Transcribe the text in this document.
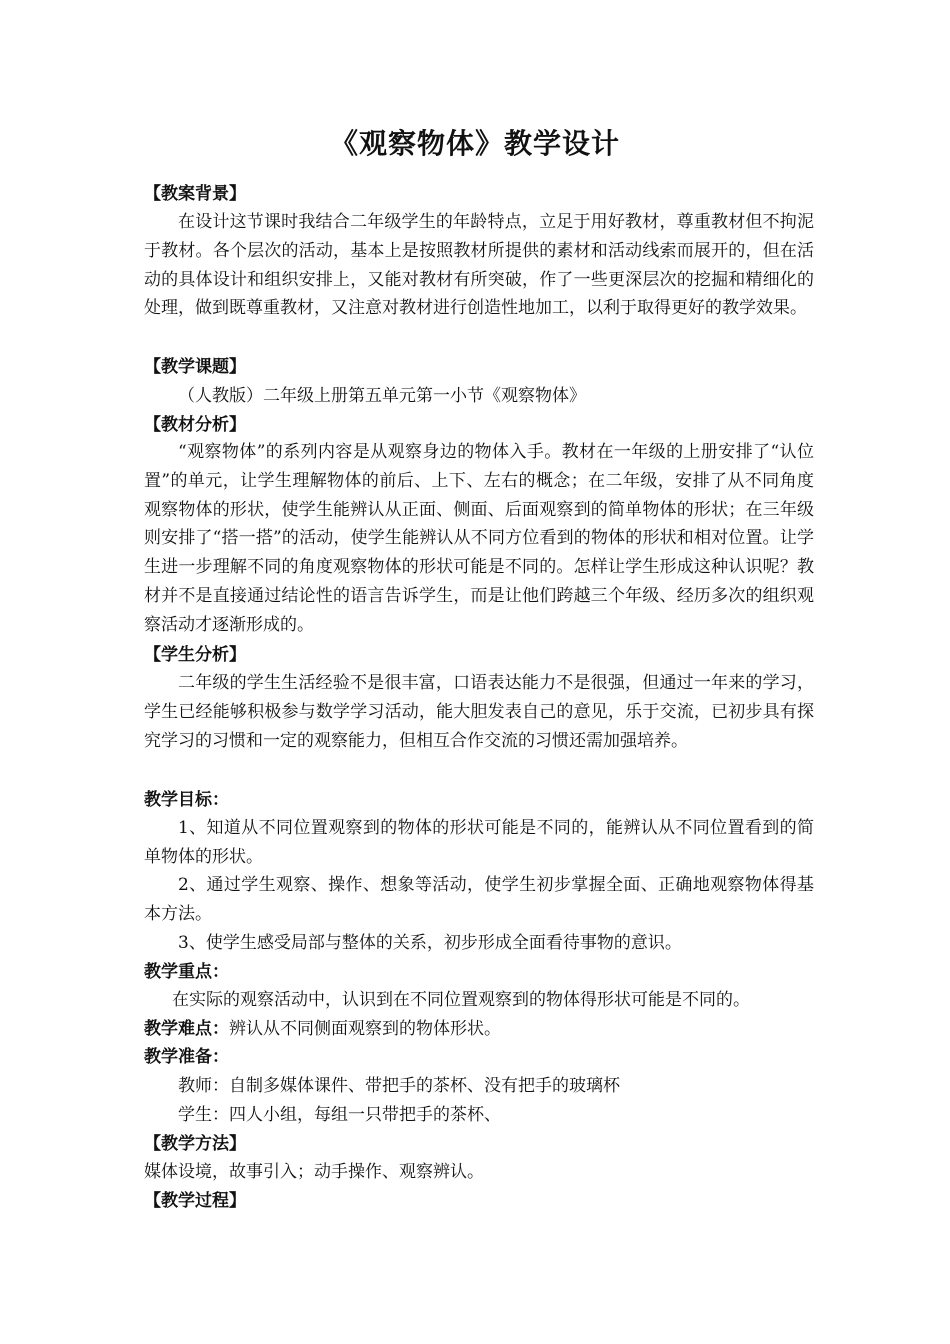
《观察物体》教学设计
【教案背景】
在设计这节课时我结合二年级学生的年龄特点，立足于用好教材，尊重教材但不拘泥于教材。各个层次的活动，基本上是按照教材所提供的素材和活动线索而展开的，但在活动的具体设计和组织安排上，又能对教材有所突破，作了一些更深层次的挖掘和精细化的处理，做到既尊重教材，又注意对教材进行创造性地加工，以利于取得更好的教学效果。
【教学课题】
（人教版）二年级上册第五单元第一小节《观察物体》
【教材分析】
“观察物体”的系列内容是从观察身边的物体入手。教材在一年级的上册安排了“认位置”的单元，让学生理解物体的前后、上下、左右的概念；在二年级，安排了从不同角度观察物体的形状，使学生能辨认从正面、侧面、后面观察到的简单物体的形状；在三年级则安排了“搭一搭”的活动，使学生能辨认从不同方位看到的物体的形状和相对位置。让学生进一步理解不同的角度观察物体的形状可能是不同的。怎样让学生形成这种认识呢？教材并不是直接通过结论性的语言告诉学生，而是让他们跨越三个年级、经历多次的组织观察活动才逐渐形成的。
【学生分析】
二年级的学生生活经验不是很丰富，口语表达能力不是很强，但通过一年来的学习，学生已经能够积极参与数学学习活动，能大胆发表自己的意见，乐于交流，已初步具有探究学习的习惯和一定的观察能力，但相互合作交流的习惯还需加强培养。
教学目标：
1、知道从不同位置观察到的物体的形状可能是不同的，能辨认从不同位置看到的简单物体的形状。
2、通过学生观察、操作、想象等活动，使学生初步掌握全面、正确地观察物体得基本方法。
3、使学生感受局部与整体的关系，初步形成全面看待事物的意识。
教学重点：
在实际的观察活动中，认识到在不同位置观察到的物体得形状可能是不同的。
教学难点：辨认从不同侧面观察到的物体形状。
教学准备：
教师：自制多媒体课件、带把手的茶杯、没有把手的玻璃杯
学生：四人小组，每组一只带把手的茶杯、
【教学方法】
媒体设境，故事引入；动手操作、观察辨认。
【教学过程】
